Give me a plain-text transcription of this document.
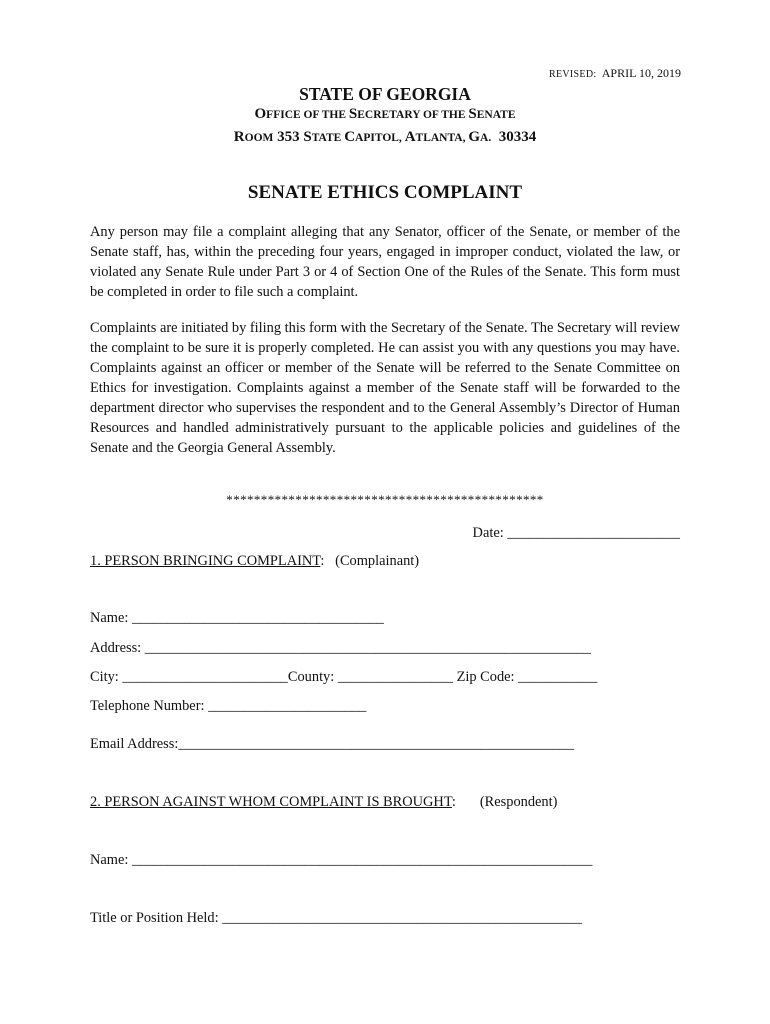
REVISED: APRIL 10, 2019
STATE OF GEORGIA
OFFICE OF THE SECRETARY OF THE SENATE
ROOM 353 STATE CAPITOL, ATLANTA, GA.  30334
SENATE ETHICS COMPLAINT
Any person may file a complaint alleging that any Senator, officer of the Senate, or member of the Senate staff, has, within the preceding four years, engaged in improper conduct, violated the law, or violated any Senate Rule under Part 3 or 4 of Section One of the Rules of the Senate. This form must be completed in order to file such a complaint.
Complaints are initiated by filing this form with the Secretary of the Senate. The Secretary will review the complaint to be sure it is properly completed. He can assist you with any questions you may have. Complaints against an officer or member of the Senate will be referred to the Senate Committee on Ethics for investigation. Complaints against a member of the Senate staff will be forwarded to the department director who supervises the respondent and to the General Assembly’s Director of Human Resources and handled administratively pursuant to the applicable policies and guidelines of the Senate and the Georgia General Assembly.
**********************************************
Date: ________________________
1. PERSON BRINGING COMPLAINT: (Complainant)
Name: ___________________________________
Address: ______________________________________________________________
City: _______________________County: ________________ Zip Code: ___________
Telephone Number: ______________________
Email Address:_______________________________________________________
2. PERSON AGAINST WHOM COMPLAINT IS BROUGHT: (Respondent)
Name: ________________________________________________________________
Title or Position Held: __________________________________________________
